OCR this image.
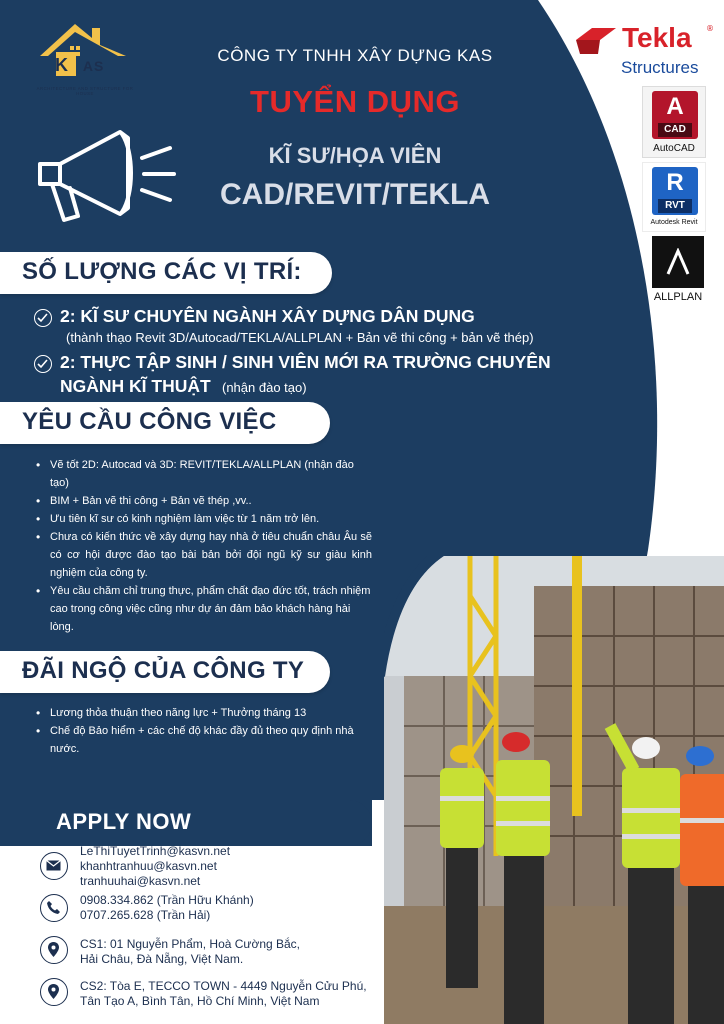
K AS
ARCHITECTURE AND STRUCTURE FOR HOUSE
CÔNG TY TNHH XÂY DỰNG KAS
TUYỂN DỤNG
KĨ SƯ/HỌA VIÊN
CAD/REVIT/TEKLA
Tekla ®
Structures
A
CAD
AutoCAD
R
RVT
Autodesk Revit
ALLPLAN
SỐ LƯỢNG CÁC VỊ TRÍ:
2: KĨ SƯ CHUYÊN NGÀNH XÂY DỰNG DÂN DỤNG
(thành thạo Revit 3D/Autocad/TEKLA/ALLPLAN + Bản vẽ thi công + bản vẽ thép)
2: THỰC TẬP SINH / SINH VIÊN MỚI RA TRƯỜNG CHUYÊN
NGÀNH KĨ THUẬT (nhận đào tạo)
YÊU CẦU CÔNG VIỆC
• Vẽ tốt 2D: Autocad và 3D: REVIT/TEKLA/ALLPLAN (nhận đào tạo)
• BIM + Bản vẽ thi công + Bản vẽ thép ,vv..
• Ưu tiên kĩ sư có kinh nghiệm làm việc từ 1 năm trở lên.
• Chưa có kiến thức về xây dựng hay nhà ở tiêu chuẩn châu Âu sẽ có cơ hội được đào tạo bài bản bởi đội ngũ kỹ sư giàu kinh nghiệm của công ty.
• Yêu cầu chăm chỉ trung thực, phẩm chất đạo đức tốt, trách nhiệm cao trong công việc cũng như dự án đảm bảo khách hàng hài lòng.
ĐÃI NGỘ CỦA CÔNG TY
• Lương thỏa thuận theo năng lực + Thưởng tháng 13
• Chế độ Bảo hiểm + các chế độ khác đầy đủ theo quy định nhà nước.
APPLY NOW
LeThiTuyetTrinh@kasvn.net
khanhtranhuu@kasvn.net
tranhuuhai@kasvn.net
0908.334.862 (Trần Hữu Khánh)
0707.265.628 (Trần Hải)
CS1: 01 Nguyễn Phẩm, Hoà Cường Bắc,
Hải Châu, Đà Nẵng, Việt Nam.
CS2: Tòa E, TECCO TOWN - 4449 Nguyễn Cửu Phú,
Tân Tạo A, Bình Tân, Hồ Chí Minh, Việt Nam
